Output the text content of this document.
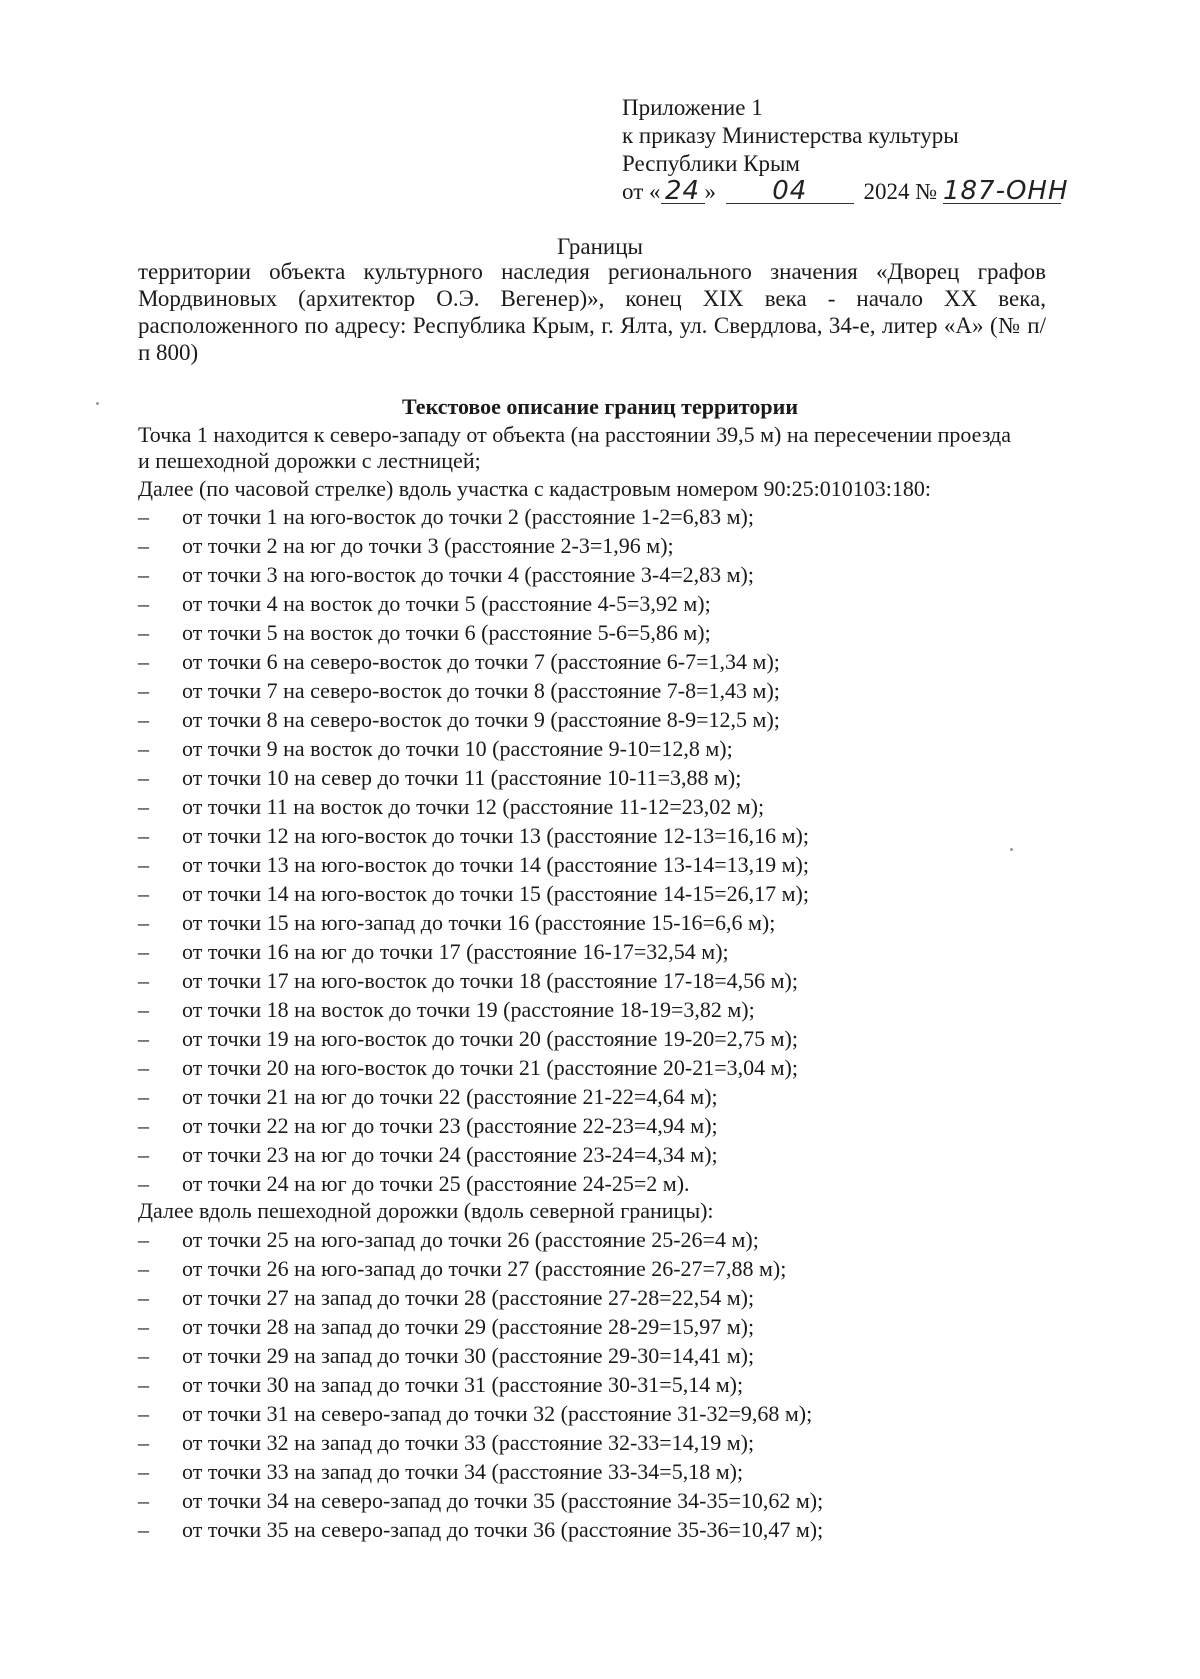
Приложение 1
к приказу Министерства культуры
Республики Крым
от « 24 » 04 2024 № 187-ОНН
Границы
территории объекта культурного наследия регионального значения «Дворец графов Мордвиновых (архитектор О.Э. Вегенер)», конец XIX века - начало XX века, расположенного по адресу: Республика Крым, г. Ялта, ул. Свердлова, 34-е, литер «А» (№ п/п 800)
Текстовое описание границ территории
Точка 1 находится к северо-западу от объекта (на расстоянии 39,5 м) на пересечении проезда
и пешеходной дорожки с лестницей;
Далее (по часовой стрелке) вдоль участка с кадастровым номером 90:25:010103:180:
–	от точки 1 на юго-восток до точки 2 (расстояние 1-2=6,83 м);
–	от точки 2 на юг до точки 3 (расстояние 2-3=1,96 м);
–	от точки 3 на юго-восток до точки 4 (расстояние 3-4=2,83 м);
–	от точки 4 на восток до точки 5 (расстояние 4-5=3,92 м);
–	от точки 5 на восток до точки 6 (расстояние 5-6=5,86 м);
–	от точки 6 на северо-восток до точки 7 (расстояние 6-7=1,34 м);
–	от точки 7 на северо-восток до точки 8 (расстояние 7-8=1,43 м);
–	от точки 8 на северо-восток до точки 9 (расстояние 8-9=12,5 м);
–	от точки 9 на восток до точки 10 (расстояние 9-10=12,8 м);
–	от точки 10 на север до точки 11 (расстояние 10-11=3,88 м);
–	от точки 11 на восток до точки 12 (расстояние 11-12=23,02 м);
–	от точки 12 на юго-восток до точки 13 (расстояние 12-13=16,16 м);
–	от точки 13 на юго-восток до точки 14 (расстояние 13-14=13,19 м);
–	от точки 14 на юго-восток до точки 15 (расстояние 14-15=26,17 м);
–	от точки 15 на юго-запад до точки 16 (расстояние 15-16=6,6 м);
–	от точки 16 на юг до точки 17 (расстояние 16-17=32,54 м);
–	от точки 17 на юго-восток до точки 18 (расстояние 17-18=4,56 м);
–	от точки 18 на восток до точки 19 (расстояние 18-19=3,82 м);
–	от точки 19 на юго-восток до точки 20 (расстояние 19-20=2,75 м);
–	от точки 20 на юго-восток до точки 21 (расстояние 20-21=3,04 м);
–	от точки 21 на юг до точки 22 (расстояние 21-22=4,64 м);
–	от точки 22 на юг до точки 23 (расстояние 22-23=4,94 м);
–	от точки 23 на юг до точки 24 (расстояние 23-24=4,34 м);
–	от точки 24 на юг до точки 25 (расстояние 24-25=2 м).
Далее вдоль пешеходной дорожки (вдоль северной границы):
–	от точки 25 на юго-запад до точки 26 (расстояние 25-26=4 м);
–	от точки 26 на юго-запад до точки 27 (расстояние 26-27=7,88 м);
–	от точки 27 на запад до точки 28 (расстояние 27-28=22,54 м);
–	от точки 28 на запад до точки 29 (расстояние 28-29=15,97 м);
–	от точки 29 на запад до точки 30 (расстояние 29-30=14,41 м);
–	от точки 30 на запад до точки 31 (расстояние 30-31=5,14 м);
–	от точки 31 на северо-запад до точки 32 (расстояние 31-32=9,68 м);
–	от точки 32 на запад до точки 33 (расстояние 32-33=14,19 м);
–	от точки 33 на запад до точки 34 (расстояние 33-34=5,18 м);
–	от точки 34 на северо-запад до точки 35 (расстояние 34-35=10,62 м);
–	от точки 35 на северо-запад до точки 36 (расстояние 35-36=10,47 м);
